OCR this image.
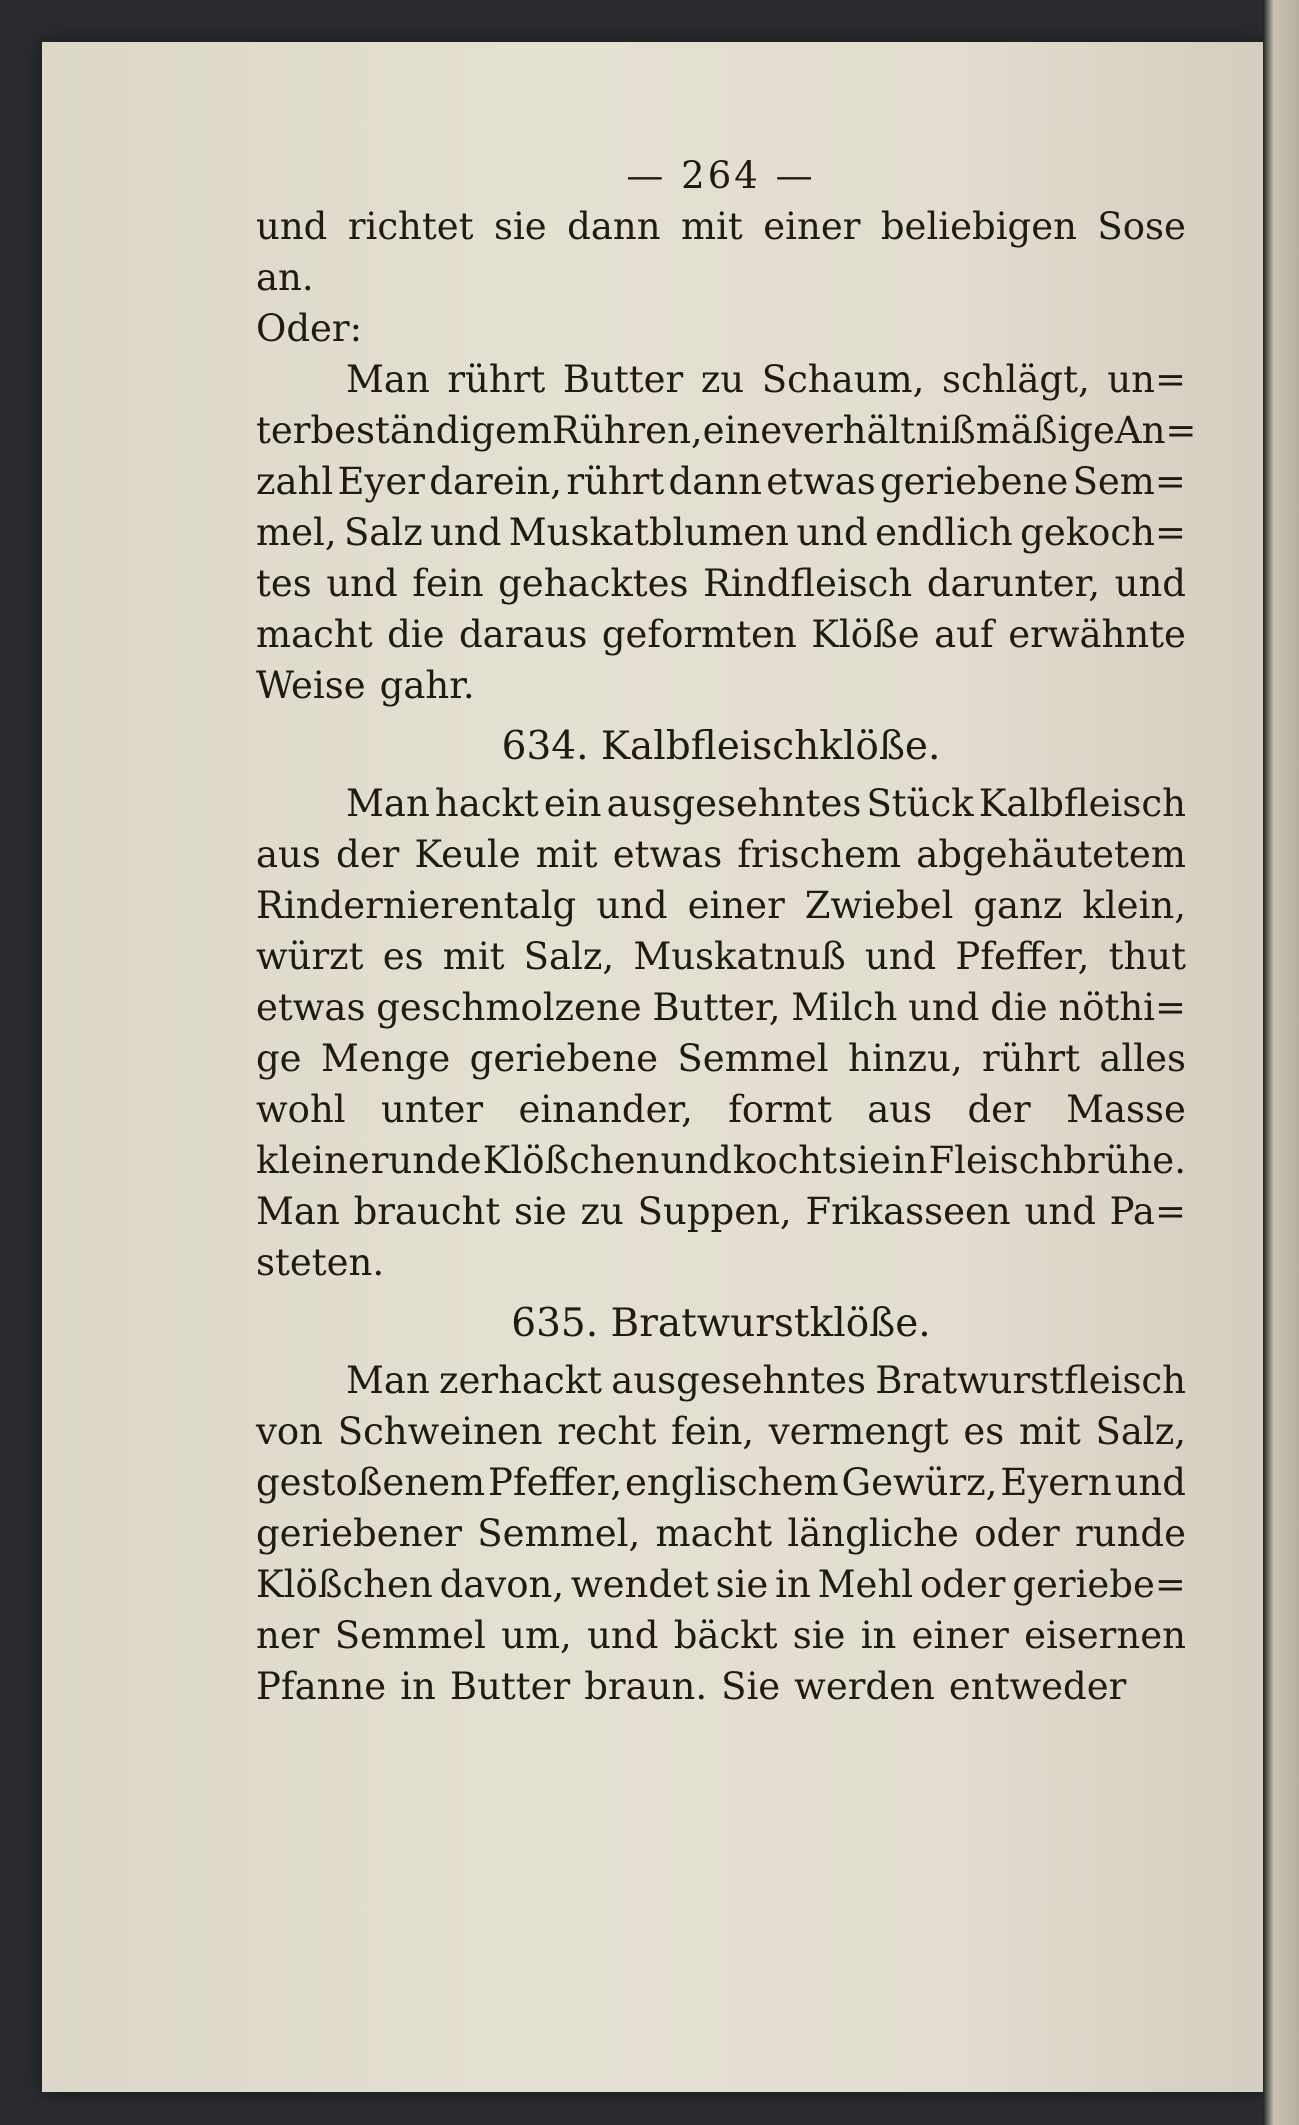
— 264 —
und richtet sie dann mit einer beliebigen Sose
an.
Oder:
Man rührt Butter zu Schaum, schlägt, un=
ter beständigem Rühren, eine verhältnißmäßige An=
zahl Eyer darein, rührt dann etwas geriebene Sem=
mel, Salz und Muskatblumen und endlich gekoch=
tes und fein gehacktes Rindfleisch darunter, und
macht die daraus geformten Klöße auf erwähnte
Weise gahr.
634. Kalbfleischklöße.
Man hackt ein ausgesehntes Stück Kalbfleisch
aus der Keule mit etwas frischem abgehäutetem
Rindernierentalg und einer Zwiebel ganz klein,
würzt es mit Salz, Muskatnuß und Pfeffer, thut
etwas geschmolzene Butter, Milch und die nöthi=
ge Menge geriebene Semmel hinzu, rührt alles
wohl unter einander, formt aus der Masse
kleine runde Klößchen und kocht sie in Fleischbrühe.
Man braucht sie zu Suppen, Frikasseen und Pa=
steten.
635. Bratwurstklöße.
Man zerhackt ausgesehntes Bratwurstfleisch
von Schweinen recht fein, vermengt es mit Salz,
gestoßenem Pfeffer, englischem Gewürz, Eyern und
geriebener Semmel, macht längliche oder runde
Klößchen davon, wendet sie in Mehl oder geriebe=
ner Semmel um, und bäckt sie in einer eisernen
Pfanne in Butter braun. Sie werden entweder
